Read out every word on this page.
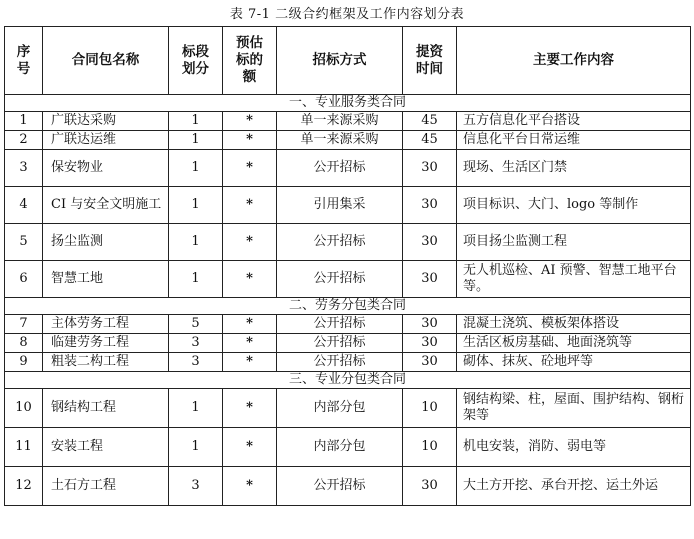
表 7-1 二级合约框架及工作内容划分表
序号	合同包名称	标段划分	预估标的额	招标方式	提资时间	主要工作内容
一、专业服务类合同						
1	广联达采购	1	*	单一来源采购	45	五方信息化平台搭设
2	广联达运维	1	*	单一来源采购	45	信息化平台日常运维
3	保安物业	1	*	公开招标	30	现场、生活区门禁
4	CI 与安全文明施工	1	*	引用集采	30	项目标识、大门、logo 等制作
5	扬尘监测	1	*	公开招标	30	项目扬尘监测工程
6	智慧工地	1	*	公开招标	30	无人机巡检、AI 预警、智慧工地平台等。
二、劳务分包类合同						
7	主体劳务工程	5	*	公开招标	30	混凝土浇筑、模板架体搭设
8	临建劳务工程	3	*	公开招标	30	生活区板房基础、地面浇筑等
9	粗装二构工程	3	*	公开招标	30	砌体、抹灰、砼地坪等
三、专业分包类合同						
10	钢结构工程	1	*	内部分包	10	钢结构梁、柱，屋面、围护结构、钢桁架等
11	安装工程	1	*	内部分包	10	机电安装，消防、弱电等
12	土石方工程	3	*	公开招标	30	大土方开挖、承台开挖、运土外运
